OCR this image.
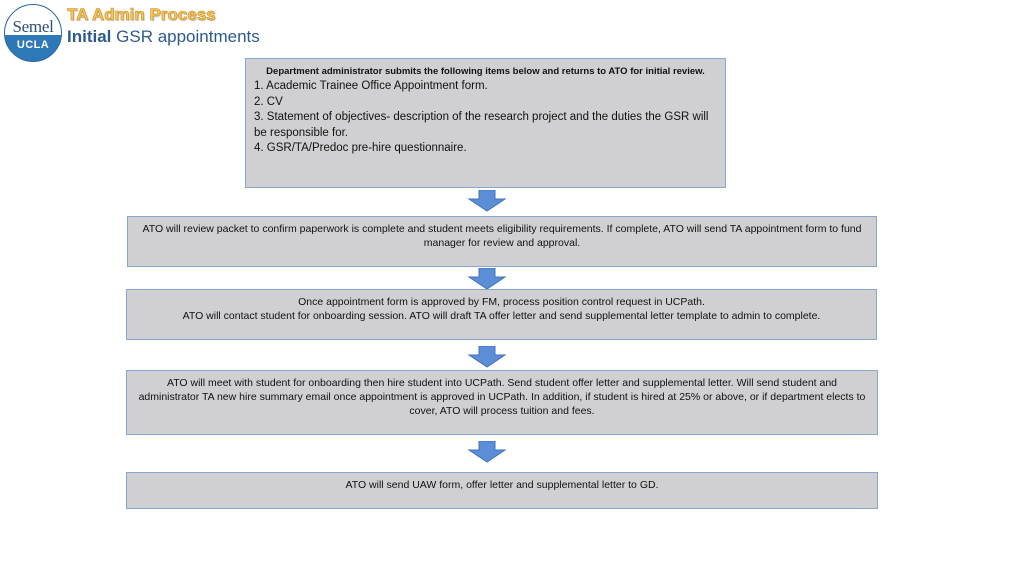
Semel
UCLA
TA Admin Process
Initial GSR appointments
Department administrator submits the following items below and returns to ATO for initial review.
1. Academic Trainee Office Appointment form.
2. CV
3. Statement of objectives- description of the research project and the duties the GSR will be responsible for.
4. GSR/TA/Predoc pre-hire questionnaire.
ATO will review packet to confirm paperwork is complete and student meets eligibility requirements. If complete, ATO will send TA appointment form to fund manager for review and approval.
Once appointment form is approved by FM, process position control request in UCPath.
ATO will contact student for onboarding session. ATO will draft TA offer letter and send supplemental letter template to admin to complete.
ATO will meet with student for onboarding then hire student into UCPath. Send student offer letter and supplemental letter. Will send student and administrator TA new hire summary email once appointment is approved in UCPath. In addition, if student is hired at 25% or above, or if department elects to cover, ATO will process tuition and fees.
ATO will send UAW form, offer letter and supplemental letter to GD.
